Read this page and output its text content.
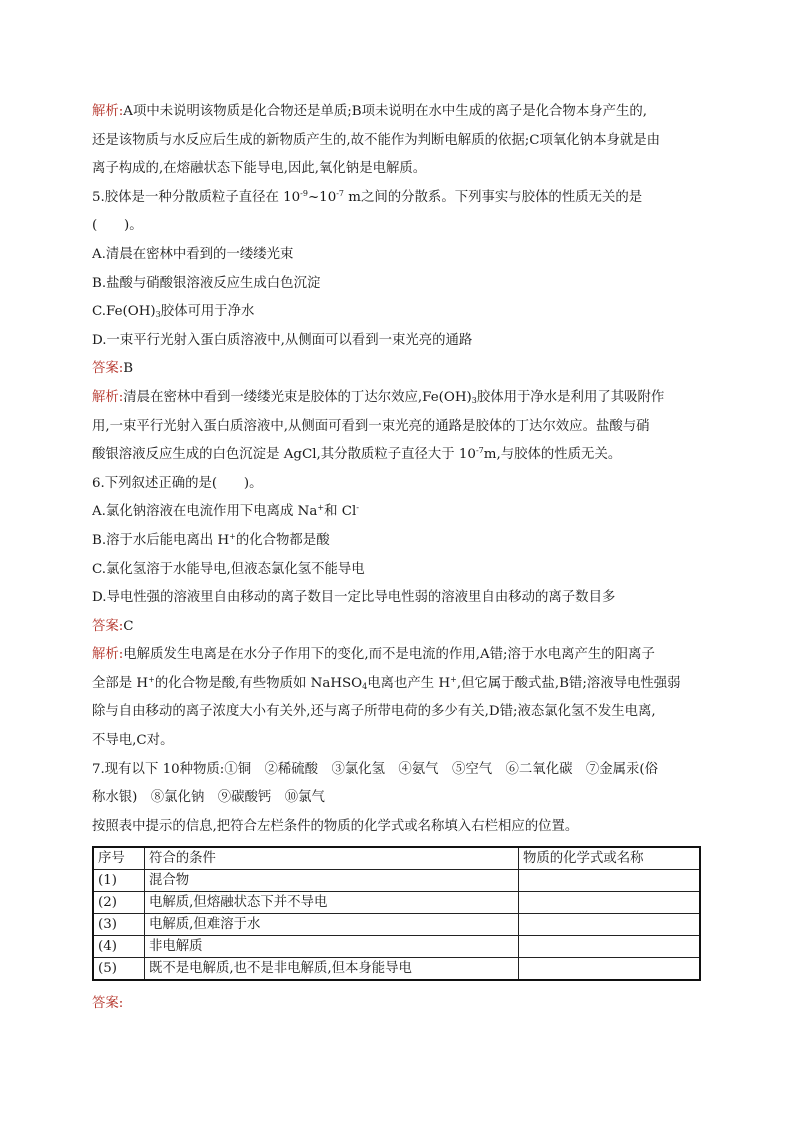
解析:A项中未说明该物质是化合物还是单质;B项未说明在水中生成的离子是化合物本身产生的,
还是该物质与水反应后生成的新物质产生的,故不能作为判断电解质的依据;C项氧化钠本身就是由
离子构成的,在熔融状态下能导电,因此,氧化钠是电解质。
5.胶体是一种分散质粒子直径在 $10^{-9}\sim 10^{-7}$ m之间的分散系。下列事实与胶体的性质无关的是
(　　)。
A.清晨在密林中看到的一缕缕光束
B.盐酸与硝酸银溶液反应生成白色沉淀
$C.Fe(OH)_3$胶体可用于净水
D.一束平行光射入蛋白质溶液中,从侧面可以看到一束光亮的通路
答案:B
解析:清晨在密林中看到一缕缕光束是胶体的丁达尔效应$,Fe(OH)_3$胶体用于净水是利用了其吸附作
用,一束平行光射入蛋白质溶液中,从侧面可看到一束光亮的通路是胶体的丁达尔效应。盐酸与硝
酸银溶液反应生成的白色沉淀是 AgCl,其分散质粒子直径大于 $10^{-7}m$,与胶体的性质无关。
6.下列叙述正确的是(　　)。
A.氯化钠溶液在电流作用下电离成 Na+和 Cl-
B.溶于水后能电离出 H+的化合物都是酸
C.氯化氢溶于水能导电,但液态氯化氢不能导电
D.导电性强的溶液里自由移动的离子数目一定比导电性弱的溶液里自由移动的离子数目多
答案:C
解析:电解质发生电离是在水分子作用下的变化,而不是电流的作用,A错;溶于水电离产生的阳离子
全部是 H+的化合物是酸,有些物质如 NaHSO$_4$电离也产生 H+,但它属于酸式盐,B错;溶液导电性强弱
除与自由移动的离子浓度大小有关外,还与离子所带电荷的多少有关,D错;液态氯化氢不发生电离,
不导电,C对。
7.现有以下 10种物质:①铜　②稀硫酸　③氯化氢　④氨气　⑤空气　⑥二氧化碳　⑦金属汞(俗
称水银)　⑧氯化钠　⑨碳酸钙　⑩氯气
按照表中提示的信息,把符合左栏条件的物质的化学式或名称填入右栏相应的位置。
序号	符合的条件	物质的化学式或名称
(1)	混合物	
(2)	电解质,但熔融状态下并不导电	
(3)	电解质,但难溶于水	
(4)	非电解质	
(5)	既不是电解质,也不是非电解质,但本身能导电	
答案:
